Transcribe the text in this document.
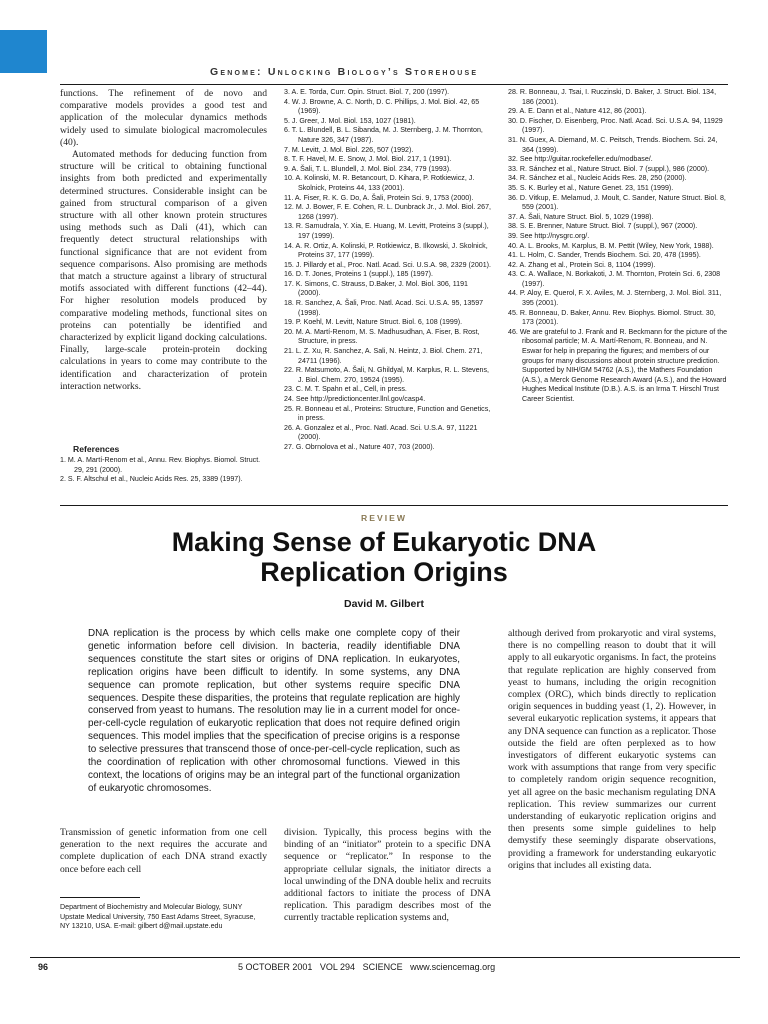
Genome: Unlocking Biology’s Storehouse

functions. The refinement of de novo and comparative models provides a good test and application of the molecular dynamics methods widely used to simulate biological macromolecules (40).

Automated methods for deducing function from structure will be critical to obtaining functional insights from both predicted and experimentally determined structures. Considerable insight can be gained from structural comparison of a given structure with all other known protein structures using methods such as Dali (41), which can frequently detect structural relationships with functional significance that are not evident from sequence comparisons. Also promising are methods that match a structure against a library of structural motifs associated with different functions (42–44). For higher resolution models produced by comparative modeling methods, functional sites on proteins can potentially be identified and characterized by explicit ligand docking calculations. Finally, large-scale protein-protein docking calculations in years to come may contribute to the identification and characterization of protein interaction networks.

References

1. M. A. Martí-Renom et al., Annu. Rev. Biophys. Biomol. Struct. 29, 291 (2000).

2. S. F. Altschul et al., Nucleic Acids Res. 25, 3389 (1997).

3. A. E. Torda, Curr. Opin. Struct. Biol. 7, 200 (1997).

4. W. J. Browne, A. C. North, D. C. Phillips, J. Mol. Biol. 42, 65 (1969).

5. J. Greer, J. Mol. Biol. 153, 1027 (1981).

6. T. L. Blundell, B. L. Sibanda, M. J. Sternberg, J. M. Thornton, Nature 326, 347 (1987).

7. M. Levitt, J. Mol. Biol. 226, 507 (1992).

8. T. F. Havel, M. E. Snow, J. Mol. Biol. 217, 1 (1991).

9. A. Šali, T. L. Blundell, J. Mol. Biol. 234, 779 (1993).

10. A. Kolinski, M. R. Betancourt, D. Kihara, P. Rotkiewicz, J. Skolnick, Proteins 44, 133 (2001).

11. A. Fiser, R. K. G. Do, A. Šali, Protein Sci. 9, 1753 (2000).

12. M. J. Bower, F. E. Cohen, R. L. Dunbrack Jr., J. Mol. Biol. 267, 1268 (1997).

13. R. Samudrala, Y. Xia, E. Huang, M. Levitt, Proteins 3 (suppl.), 197 (1999).

14. A. R. Ortiz, A. Kolinski, P. Rotkiewicz, B. Ilkowski, J. Skolnick, Proteins 37, 177 (1999).

15. J. Pillardy et al., Proc. Natl. Acad. Sci. U.S.A. 98, 2329 (2001).

16. D. T. Jones, Proteins 1 (suppl.), 185 (1997).

17. K. Simons, C. Strauss, D.Baker, J. Mol. Biol. 306, 1191 (2000).

18. R. Sanchez, A. Šali, Proc. Natl. Acad. Sci. U.S.A. 95, 13597 (1998).

19. P. Koehl, M. Levitt, Nature Struct. Biol. 6, 108 (1999).

20. M. A. Martí-Renom, M. S. Madhusudhan, A. Fiser, B. Rost, Structure, in press.

21. L. Z. Xu, R. Sanchez, A. Sali, N. Heintz, J. Biol. Chem. 271, 24711 (1996).

22. R. Matsumoto, A. Šali, N. Ghildyal, M. Karplus, R. L. Stevens, J. Biol. Chem. 270, 19524 (1995).

23. C. M. T. Spahn et al., Cell, in press.

24. See http://predictioncenter.llnl.gov/casp4.

25. R. Bonneau et al., Proteins: Structure, Function and Genetics, in press.

26. A. Gonzalez et al., Proc. Natl. Acad. Sci. U.S.A. 97, 11221 (2000).

27. G. Obrnolova et al., Nature 407, 703 (2000).

28. R. Bonneau, J. Tsai, I. Ruczinski, D. Baker, J. Struct. Biol. 134, 186 (2001).

29. A. E. Dann et al., Nature 412, 86 (2001).

30. D. Fischer, D. Eisenberg, Proc. Natl. Acad. Sci. U.S.A. 94, 11929 (1997).

31. N. Guex, A. Diemand, M. C. Peitsch, Trends. Biochem. Sci. 24, 364 (1999).

32. See http://guitar.rockefeller.edu/modbase/.

33. R. Sánchez et al., Nature Struct. Biol. 7 (suppl.), 986 (2000).

34. R. Sánchez et al., Nucleic Acids Res. 28, 250 (2000).

35. S. K. Burley et al., Nature Genet. 23, 151 (1999).

36. D. Vitkup, E. Melamud, J. Moult, C. Sander, Nature Struct. Biol. 8, 559 (2001).

37. A. Šali, Nature Struct. Biol. 5, 1029 (1998).

38. S. E. Brenner, Nature Struct. Biol. 7 (suppl.), 967 (2000).

39. See http://nysgrc.org/.

40. A. L. Brooks, M. Karplus, B. M. Pettit (Wiley, New York, 1988).

41. L. Holm, C. Sander, Trends Biochem. Sci. 20, 478 (1995).

42. A. Zhang et al., Protein Sci. 8, 1104 (1999).

43. C. A. Wallace, N. Borkakoti, J. M. Thornton, Protein Sci. 6, 2308 (1997).

44. P. Aloy, E. Querol, F. X. Aviles, M. J. Sternberg, J. Mol. Biol. 311, 395 (2001).

45. R. Bonneau, D. Baker, Annu. Rev. Biophys. Biomol. Struct. 30, 173 (2001).

46. We are grateful to J. Frank and R. Beckmann for the picture of the ribosomal particle; M. A. Martí-Renom, R. Bonneau, and N. Eswar for help in preparing the figures; and members of our groups for many discussions about protein structure prediction. Supported by NIH/GM 54762 (A.S.), the Mathers Foundation (A.S.), a Merck Genome Research Award (A.S.), and the Howard Hughes Medical Institute (D.B.). A.S. is an Irma T. Hirschl Trust Career Scientist.

REVIEW
Making Sense of Eukaryotic DNA
Replication Origins
David M. Gilbert
DNA replication is the process by which cells make one complete copy of their genetic information before cell division. In bacteria, readily identifiable DNA sequences constitute the start sites or origins of DNA replication. In eukaryotes, replication origins have been difficult to identify. In some systems, any DNA sequence can promote replication, but other systems require specific DNA sequences. Despite these disparities, the proteins that regulate replication are highly conserved from yeast to humans. The resolution may lie in a current model for once-per-cell-cycle regulation of eukaryotic replication that does not require defined origin sequences. This model implies that the specification of precise origins is a response to selective pressures that transcend those of once-per-cell-cycle replication, such as the coordination of replication with other chromosomal functions. Viewed in this context, the locations of origins may be an integral part of the functional organization of eukaryotic chromosomes.
Transmission of genetic information from one cell generation to the next requires the accurate and complete duplication of each DNA strand exactly once before each cell
Department of Biochemistry and Molecular Biology, SUNY Upstate Medical University, 750 East Adams Street, Syracuse, NY 13210, USA. E-mail: gilbert d@mail.upstate.edu
division. Typically, this process begins with the binding of an “initiator” protein to a specific DNA sequence or “replicator.” In response to the appropriate cellular signals, the initiator directs a local unwinding of the DNA double helix and recruits additional factors to initiate the process of DNA replication. This paradigm describes most of the currently tractable replication systems and,
although derived from prokaryotic and viral systems, there is no compelling reason to doubt that it will apply to all eukaryotic organisms. In fact, the proteins that regulate replication are highly conserved from yeast to humans, including the origin recognition complex (ORC), which binds directly to replication origin sequences in budding yeast (1, 2). However, in several eukaryotic replication systems, it appears that any DNA sequence can function as a replicator. Those outside the field are often perplexed as to how investigators of different eukaryotic systems can work with assumptions that range from very specific to completely random origin sequence recognition, yet all agree on the basic mechanism regulating DNA replication. This review summarizes our current understanding of eukaryotic replication origins and then presents some simple guidelines to help demystify these seemingly disparate observations, providing a framework for understanding eukaryotic origins that includes all existing data.
96	5 OCTOBER 2001   VOL 294   SCIENCE   www.sciencemag.org
